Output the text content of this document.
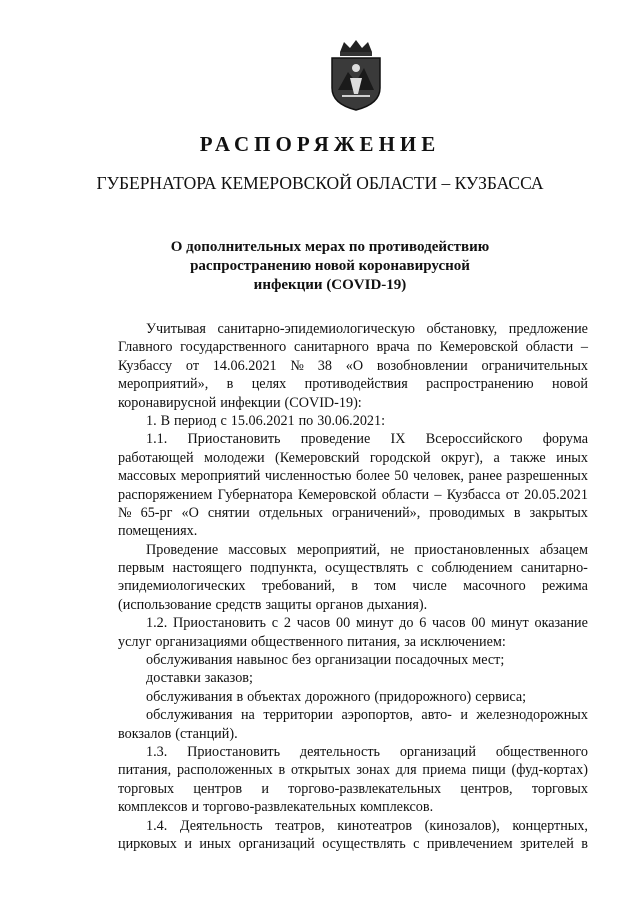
РАСПОРЯЖЕНИЕ
ГУБЕРНАТОРА КЕМЕРОВСКОЙ ОБЛАСТИ – КУЗБАССА
О дополнительных мерах по противодействию
распространению новой коронавирусной
инфекции (COVID-19)
Учитывая санитарно-эпидемиологическую обстановку, предложение
Главного государственного санитарного врача по Кемеровской области –
Кузбассу от 14.06.2021 № 38 «О возобновлении ограничительных
мероприятий», в целях противодействия распространению новой
коронавирусной инфекции (COVID-19):
1. В период с 15.06.2021 по 30.06.2021:
1.1. Приостановить проведение IX Всероссийского форума
работающей молодежи (Кемеровский городской округ), а также иных
массовых мероприятий численностью более 50 человек, ранее разрешенных
распоряжением Губернатора Кемеровской области – Кузбасса от 20.05.2021
№ 65-рг «О снятии отдельных ограничений», проводимых в закрытых
помещениях.
Проведение массовых мероприятий, не приостановленных абзацем
первым настоящего подпункта, осуществлять с соблюдением санитарно-
эпидемиологических требований, в том числе масочного режима
(использование средств защиты органов дыхания).
1.2. Приостановить с 2 часов 00 минут до 6 часов 00 минут оказание
услуг организациями общественного питания, за исключением:
обслуживания навынос без организации посадочных мест;
доставки заказов;
обслуживания в объектах дорожного (придорожного) сервиса;
обслуживания на территории аэропортов, авто- и железнодорожных
вокзалов (станций).
1.3. Приостановить деятельность организаций общественного
питания, расположенных в открытых зонах для приема пищи (фуд-кортах)
торговых центров и торгово-развлекательных центров, торговых
комплексов и торгово-развлекательных комплексов.
1.4. Деятельность театров, кинотеатров (кинозалов), концертных,
цирковых и иных организаций осуществлять с привлечением зрителей в
